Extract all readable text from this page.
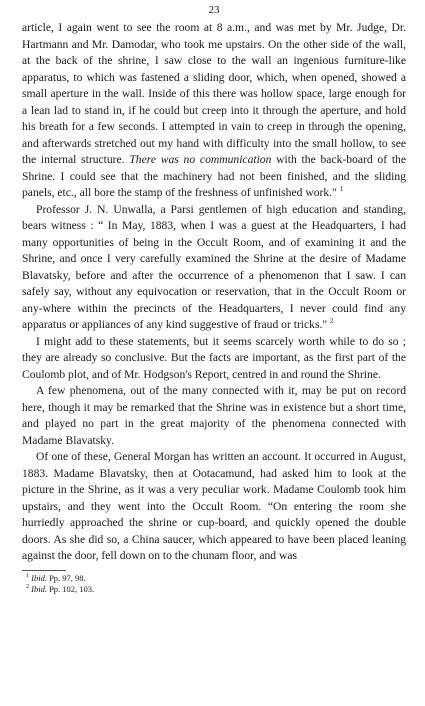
23

article, I again went to see the room at 8 a.m., and was met by Mr. Judge, Dr. Hartmann and Mr. Damodar, who took me upstairs. On the other side of the wall, at the back of the shrine, I saw close to the wall an ingenious furniture-like apparatus, to which was fastened a sliding door, which, when opened, showed a small aperture in the wall. Inside of this there was hollow space, large enough for a lean lad to stand in, if he could but creep into it through the aperture, and hold his breath for a few seconds. I attempted in vain to creep in through the opening, and afterwards stretched out my hand with difficulty into the small hollow, to see the internal structure. There was no communication with the back-board of the Shrine. I could see that the machinery had not been finished, and the sliding panels, etc., all bore the stamp of the freshness of unfinished work." $^1$

Professor J. N. Unwalla, a Parsi gentlemen of high education and standing, bears witness : “ In May, 1883, when I was a guest at the Headquarters, I had many opportunities of being in the Occult Room, and of examining it and the Shrine, and once I very carefully examined the Shrine at the desire of Madame Blavatsky, before and after the occurrence of a phenomenon that I saw. I can safely say, without any equivocation or reservation, that in the Occult Room or any-where within the precincts of the Headquarters, I never could find any apparatus or appliances of any kind suggestive of fraud or tricks." $^2$

I might add to these statements, but it seems scarcely worth while to do so ; they are already so conclusive. But the facts are important, as the first part of the Coulomb plot, and of Mr. Hodgson's Report, centred in and round the Shrine.

A few phenomena, out of the many connected with it, may be put on record here, though it may be remarked that the Shrine was in existence but a short time, and played no part in the great majority of the phenomena connected with Madame Blavatsky.

Of one of these, General Morgan has written an account. It occurred in August, 1883. Madame Blavatsky, then at Ootacamund, had asked him to look at the picture in the Shrine, as it was a very peculiar work. Madame Coulomb took him upstairs, and they went into the Occult Room. “On entering the room she hurriedly approached the shrine or cup-board, and quickly opened the double doors. As she did so, a China saucer, which appeared to have been placed leaning against the door, fell down on to the chunam floor, and was

$^1$ Ibid. Pp. 97, 98.

$^2$ Ibid. Pp. 102, 103.
